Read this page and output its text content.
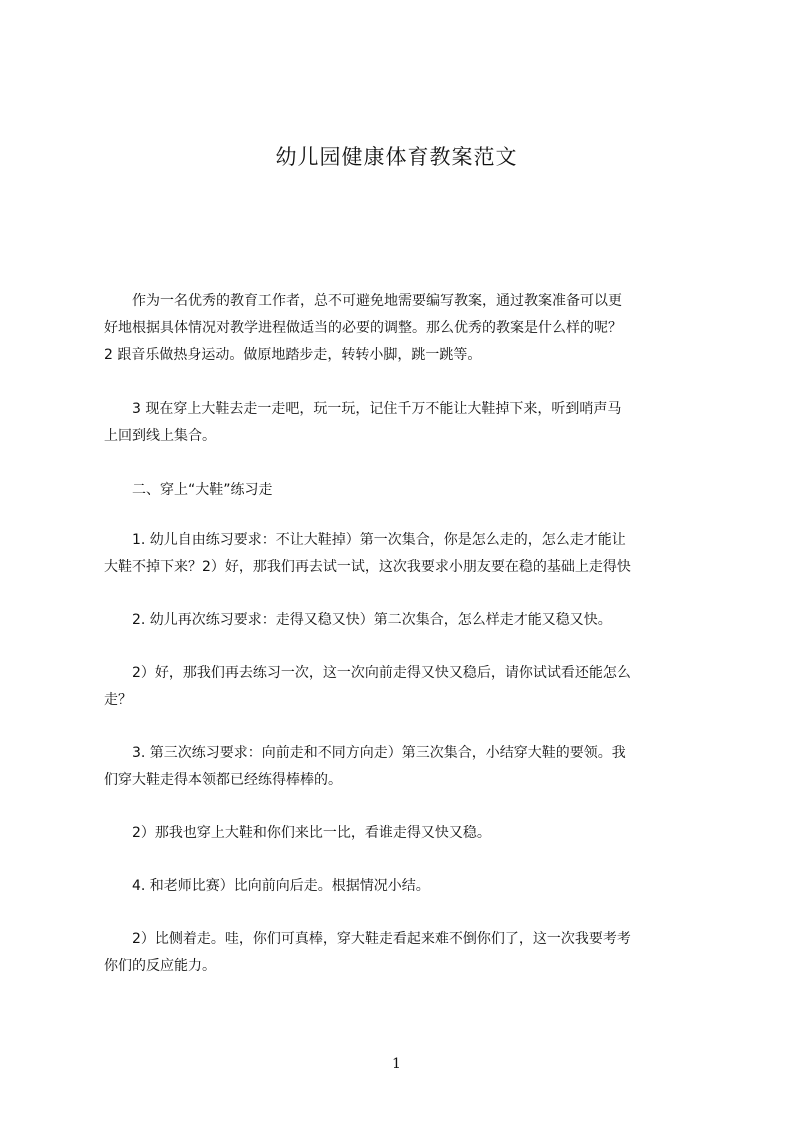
幼儿园健康体育教案范文
　　作为一名优秀的教育工作者，总不可避免地需要编写教案，通过教案准备可以更
好地根据具体情况对教学进程做适当的必要的调整。那么优秀的教案是什么样的呢？
2 跟音乐做热身运动。做原地踏步走，转转小脚，跳一跳等。
　　3 现在穿上大鞋去走一走吧，玩一玩，记住千万不能让大鞋掉下来，听到哨声马
上回到线上集合。
　　二、穿上“大鞋”练习走
　　1. 幼儿自由练习要求：不让大鞋掉）第一次集合，你是怎么走的，怎么走才能让
大鞋不掉下来？2）好，那我们再去试一试，这次我要求小朋友要在稳的基础上走得快
　　2. 幼儿再次练习要求：走得又稳又快）第二次集合，怎么样走才能又稳又快。
　　2）好，那我们再去练习一次，这一次向前走得又快又稳后，请你试试看还能怎么
走？
　　3. 第三次练习要求：向前走和不同方向走）第三次集合，小结穿大鞋的要领。我
们穿大鞋走得本领都已经练得棒棒的。
　　2）那我也穿上大鞋和你们来比一比，看谁走得又快又稳。
　　4. 和老师比赛）比向前向后走。根据情况小结。
　　2）比侧着走。哇，你们可真棒，穿大鞋走看起来难不倒你们了，这一次我要考考
你们的反应能力。
1
